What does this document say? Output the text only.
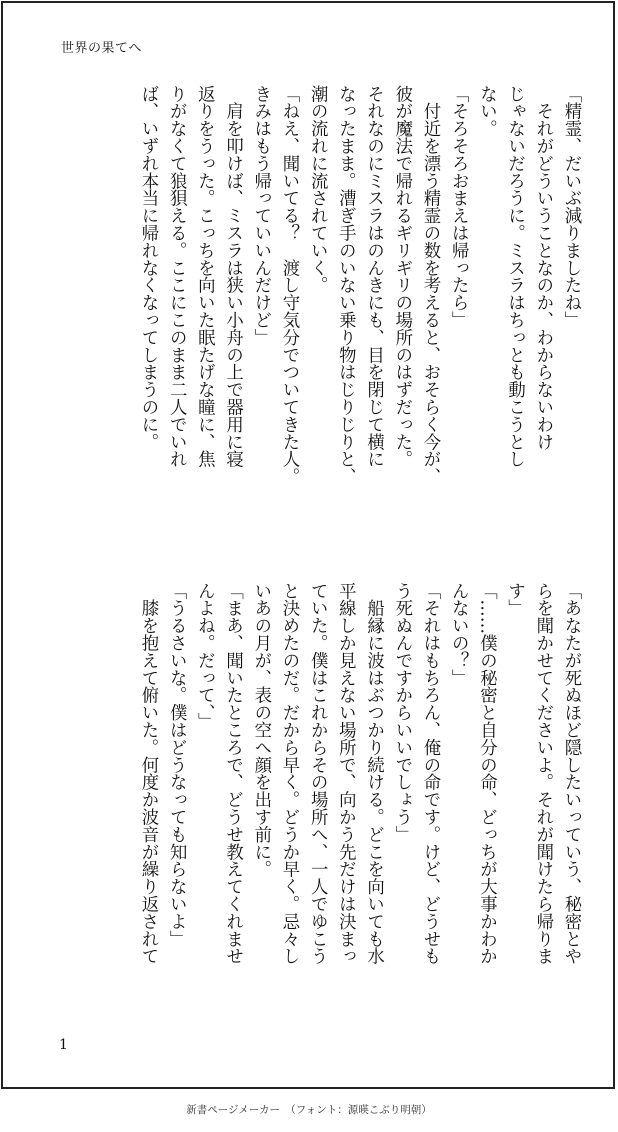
世界の果てへ

「精霊、だいぶ減りましたね」

　それがどういうことなのか、わからないわけ

じゃないだろうに。ミスラはちっとも動こうとし

ない。

「そろそろおまえは帰ったら」

　付近を漂う精霊の数を考えると、おそらく今が、

彼が魔法で帰れるギリギリの場所のはずだった。

それなのにミスラはのんきにも、目を閉じて横に

なったまま。漕ぎ手のいない乗り物はじりじりと、

潮の流れに流されていく。

「ねえ、聞いてる？　渡し守気分でついてきた人。

きみはもう帰っていいんだけど」

　肩を叩けば、ミスラは狭い小舟の上で器用に寝

返りをうった。こっちを向いた眠たげな瞳に、焦

りがなくて狼狽える。ここにこのまま二人でいれ

ば、いずれ本当に帰れなくなってしまうのに。

「あなたが死ぬほど隠したいっていう、秘密とや

らを聞かせてくださいよ。それが聞けたら帰りま

す」

「……僕の秘密と自分の命、どっちが大事かわか

んないの？」

「それはもちろん、俺の命です。けど、どうせも

う死ぬんですからいいでしょう」

　船縁に波はぶつかり続ける。どこを向いても水

平線しか見えない場所で、向かう先だけは決まっ

ていた。僕はこれからその場所へ、一人でゆこう

と決めたのだ。だから早く。どうか早く。忌々し

いあの月が、表の空へ顔を出す前に。

「まあ、聞いたところで、どうせ教えてくれませ

んよね。だって、」

「うるさいな。僕はどうなっても知らないよ」

　膝を抱えて俯いた。何度か波音が繰り返されて

1
新書ページメーカー　（フォント：源暎こぶり明朝）
